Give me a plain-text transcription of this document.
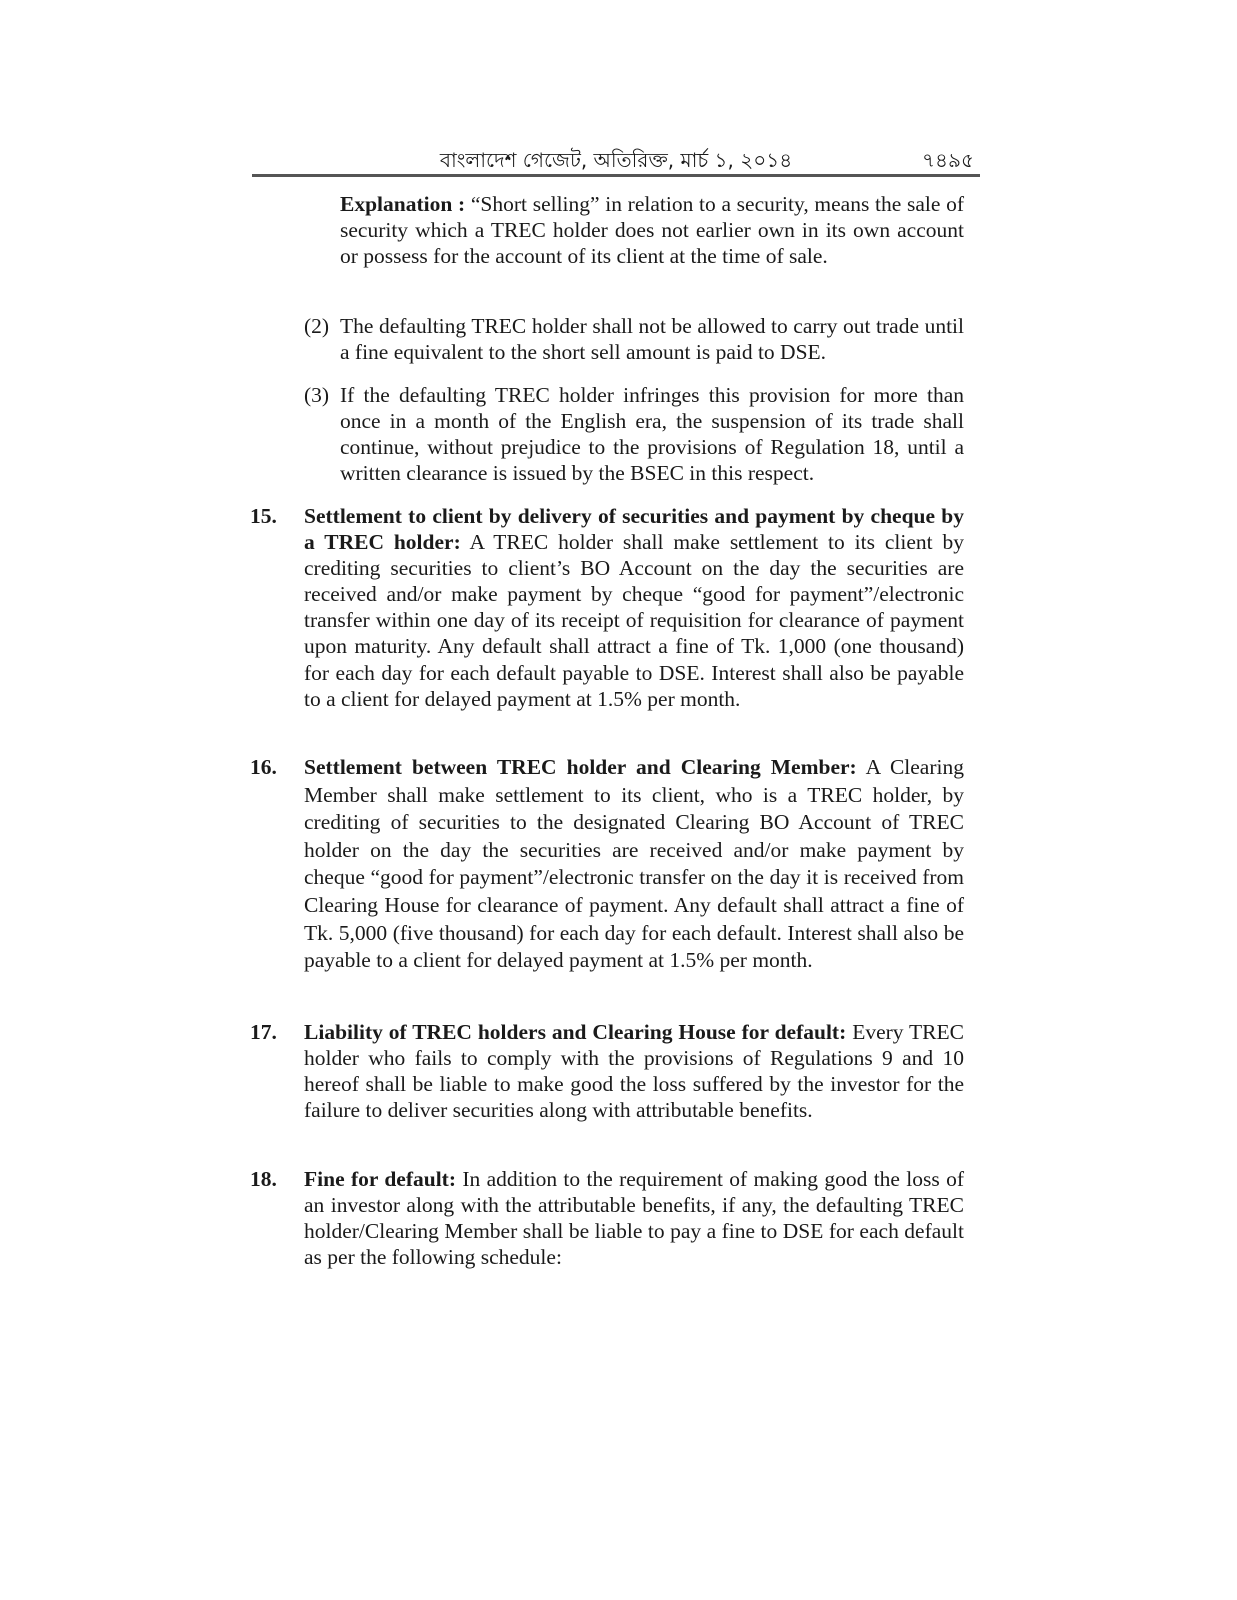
বাংলাদেশ গেজেট, অতিরিক্ত, মার্চ ১, ২০১৪	৭৪৯৫
Explanation : “Short selling” in relation to a security, means the sale of security which a TREC holder does not earlier own in its own account or possess for the account of its client at the time of sale.
(2) The defaulting TREC holder shall not be allowed to carry out trade until a fine equivalent to the short sell amount is paid to DSE.
(3) If the defaulting TREC holder infringes this provision for more than once in a month of the English era, the suspension of its trade shall continue, without prejudice to the provisions of Regulation 18, until a written clearance is issued by the BSEC in this respect.
15. Settlement to client by delivery of securities and payment by cheque by a TREC holder: A TREC holder shall make settlement to its client by crediting securities to client’s BO Account on the day the securities are received and/or make payment by cheque “good for payment”/electronic transfer within one day of its receipt of requisition for clearance of payment upon maturity. Any default shall attract a fine of Tk. 1,000 (one thousand) for each day for each default payable to DSE. Interest shall also be payable to a client for delayed payment at 1.5% per month.
16. Settlement between TREC holder and Clearing Member: A Clearing Member shall make settlement to its client, who is a TREC holder, by crediting of securities to the designated Clearing BO Account of TREC holder on the day the securities are received and/or make payment by cheque “good for payment”/electronic transfer on the day it is received from Clearing House for clearance of payment. Any default shall attract a fine of Tk. 5,000 (five thousand) for each day for each default. Interest shall also be payable to a client for delayed payment at 1.5% per month.
17. Liability of TREC holders and Clearing House for default: Every TREC holder who fails to comply with the provisions of Regulations 9 and 10 hereof shall be liable to make good the loss suffered by the investor for the failure to deliver securities along with attributable benefits.
18. Fine for default: In addition to the requirement of making good the loss of an investor along with the attributable benefits, if any, the defaulting TREC holder/Clearing Member shall be liable to pay a fine to DSE for each default as per the following schedule:
